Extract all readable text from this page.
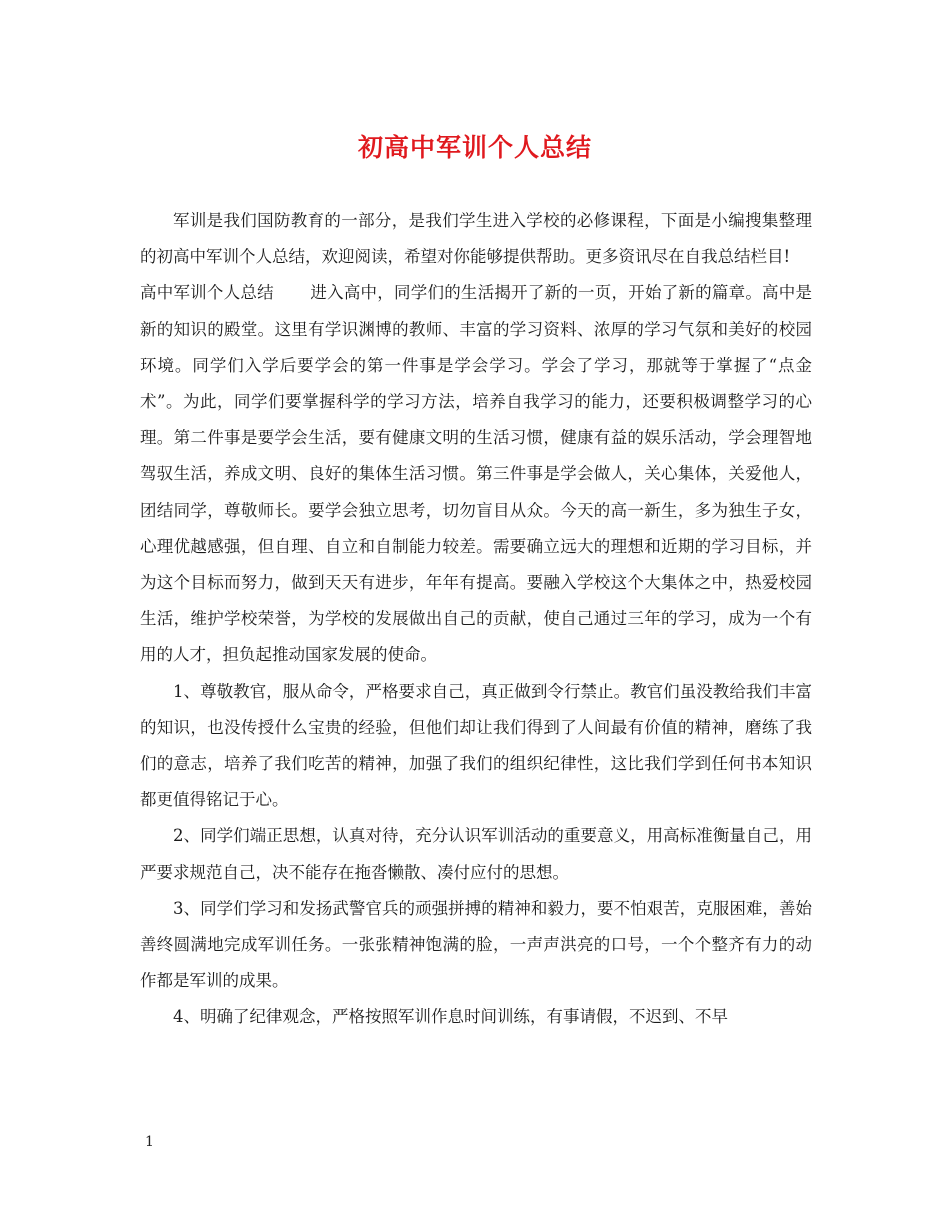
初高中军训个人总结

军训是我们国防教育的一部分，是我们学生进入学校的必修课程，下面是小编搜集整理的初高中军训个人总结，欢迎阅读，希望对你能够提供帮助。更多资讯尽在自我总结栏目!

高中军训个人总结 进入高中，同学们的生活揭开了新的一页，开始了新的篇章。高中是新的知识的殿堂。这里有学识渊博的教师、丰富的学习资料、浓厚的学习气氛和美好的校园环境。同学们入学后要学会的第一件事是学会学习。学会了学习，那就等于掌握了“点金术”。为此，同学们要掌握科学的学习方法，培养自我学习的能力，还要积极调整学习的心理。第二件事是要学会生活，要有健康文明的生活习惯，健康有益的娱乐活动，学会理智地驾驭生活，养成文明、良好的集体生活习惯。第三件事是学会做人，关心集体，关爱他人，团结同学，尊敬师长。要学会独立思考，切勿盲目从众。今天的高一新生，多为独生子女，心理优越感强，但自理、自立和自制能力较差。需要确立远大的理想和近期的学习目标，并为这个目标而努力，做到天天有进步，年年有提高。要融入学校这个大集体之中，热爱校园生活，维护学校荣誉，为学校的发展做出自己的贡献，使自己通过三年的学习，成为一个有用的人才，担负起推动国家发展的使命。

1、尊敬教官，服从命令，严格要求自己，真正做到令行禁止。教官们虽没教给我们丰富的知识，也没传授什么宝贵的经验，但他们却让我们得到了人间最有价值的精神，磨练了我们的意志，培养了我们吃苦的精神，加强了我们的组织纪律性，这比我们学到任何书本知识都更值得铭记于心。

2、同学们端正思想，认真对待，充分认识军训活动的重要意义，用高标准衡量自己，用严要求规范自己，决不能存在拖沓懒散、凑付应付的思想。

3、同学们学习和发扬武警官兵的顽强拼搏的精神和毅力，要不怕艰苦，克服困难，善始善终圆满地完成军训任务。一张张精神饱满的脸，一声声洪亮的口号，一个个整齐有力的动作都是军训的成果。

4、明确了纪律观念，严格按照军训作息时间训练，有事请假，不迟到、不早

1
